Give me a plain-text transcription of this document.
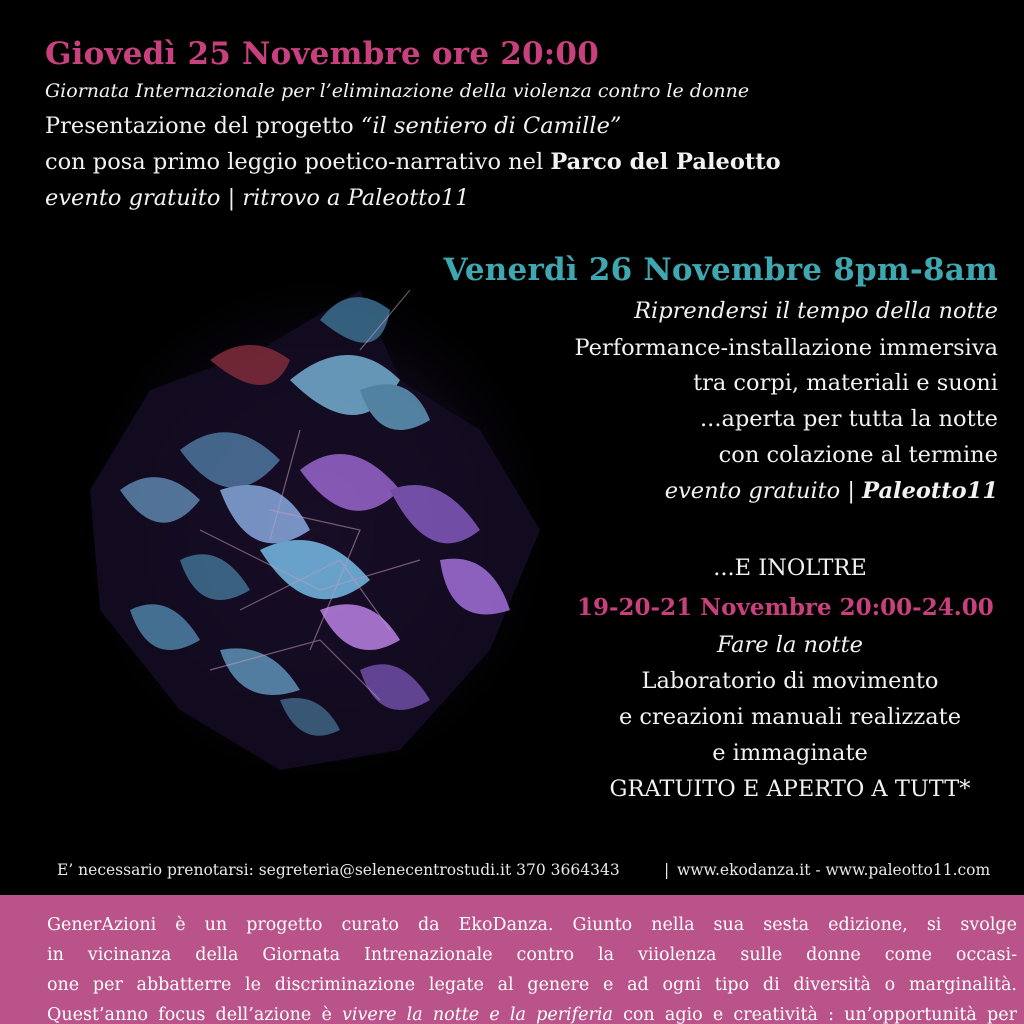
Giovedì 25 Novembre ore 20:00
Giornata Internazionale per l’eliminazione della violenza contro le donne
Presentazione del progetto “il sentiero di Camille”
con posa primo leggio poetico-narrativo nel Parco del Paleotto
evento gratuito | ritrovo a Paleotto11
Venerdì 26 Novembre 8pm-8am
Riprendersi il tempo della notte
Performance-installazione immersiva
tra corpi, materiali e suoni
...aperta per tutta la notte
con colazione al termine
evento gratuito | Paleotto11
...E INOLTRE
19-20-21 Novembre 20:00-24.00
Fare la notte
Laboratorio di movimento
e creazioni manuali realizzate
e immaginate
GRATUITO E APERTO A TUTT*
E’ necessario prenotarsi: segreteria@selenecentrostudi.it 370 3664343	| www.ekodanza.it - www.paleotto11.com
GenerAzioni è un progetto curato da EkoDanza. Giunto nella sua sesta edizione, si svolge
in vicinanza della Giornata Intrenazionale contro la viiolenza sulle donne come occasi-
one per abbatterre le discriminazione legate al genere e ad ogni tipo di diversità o marginalità.
Quest’anno focus dell’azione è vivere la notte e la periferia con agio e creatività : un’opportunità per
